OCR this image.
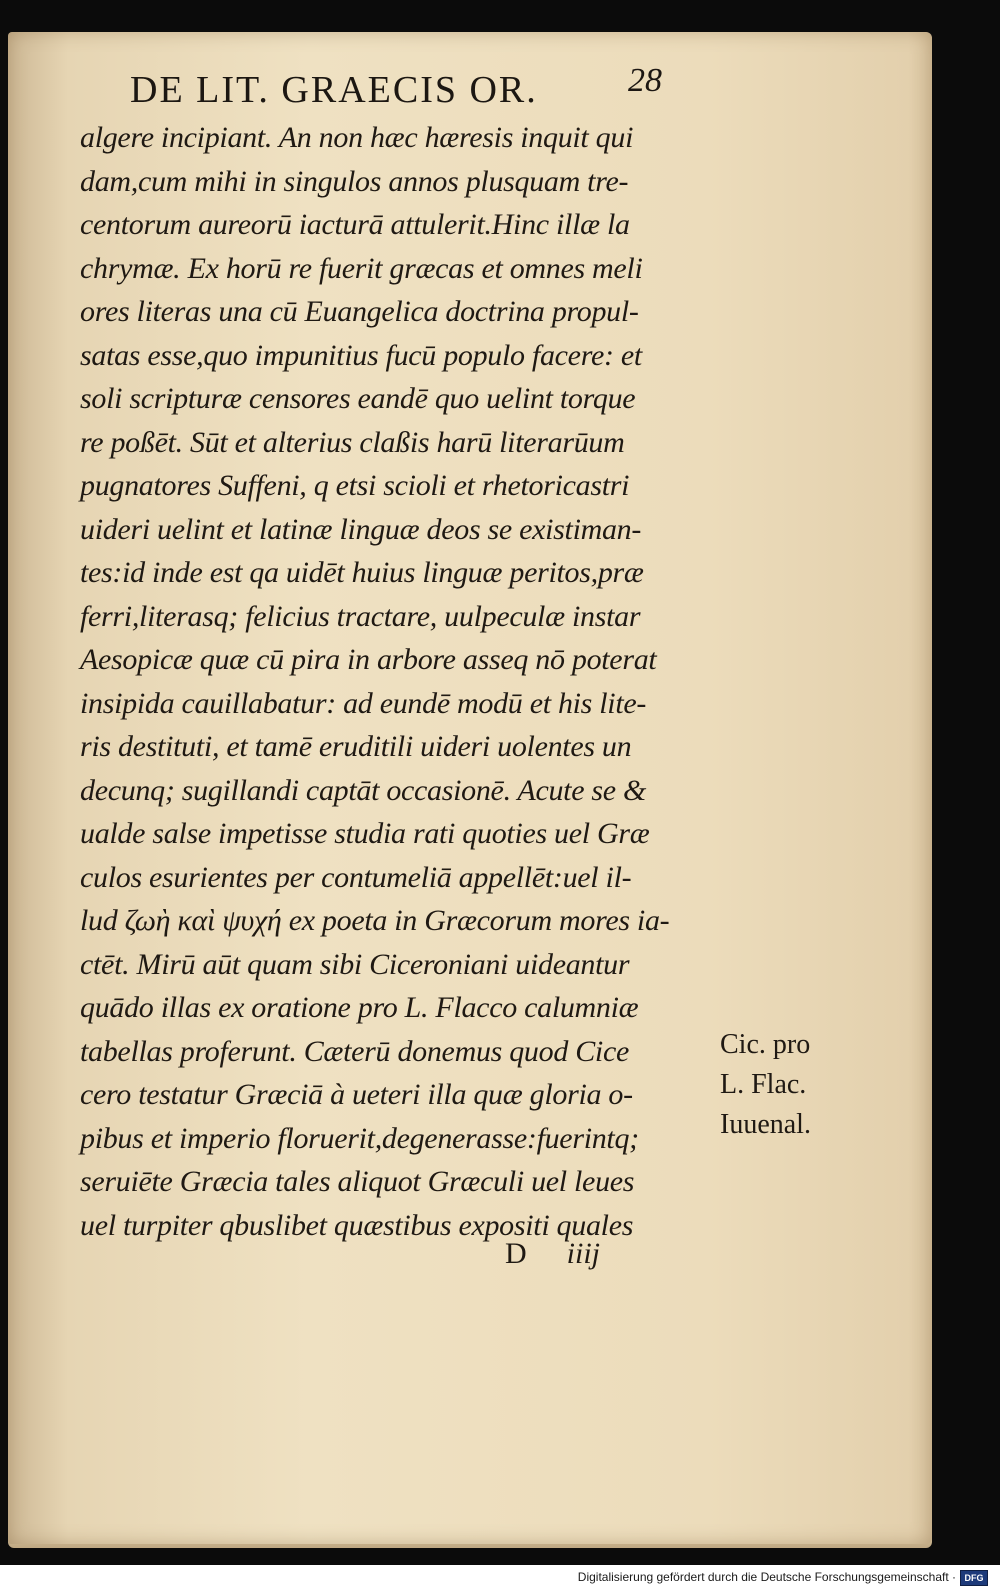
DE LIT. GRAECIS OR.	28
algere incipiant. An non hæc hæresis inquit qui
dam,cum mihi in singulos annos plusquam tre-
centorum aureorū iacturā attulerit.Hinc illæ la
chrymæ. Ex horū re fuerit græcas et omnes meli
ores literas una cū Euangelica doctrina propul-
satas esse,quo impunitius fucū populo facere: et
soli scripturæ censores eandē quo uelint torque
re poßēt. Sūt et alterius claßis harū literarūum
pugnatores Suffeni, q etsi scioli et rhetoricastri
uideri uelint et latinæ linguæ deos se existiman-
tes:id inde est qa uidēt huius linguæ peritos,præ
ferri,literasq; felicius tractare, uulpeculæ instar
Aesopicæ quæ cū pira in arbore asseq nō poterat
insipida cauillabatur: ad eundē modū et his lite-
ris destituti, et tamē eruditili uideri uolentes un
decunq; sugillandi captāt occasionē. Acute se &
ualde salse impetisse studia rati quoties uel Græ
culos esurientes per contumeliā appellēt:uel il-
lud ζωὴ καὶ ψυχή ex poeta in Græcorum mores ia-
ctēt. Mirū aūt quam sibi Ciceroniani uideantur
quādo illas ex oratione pro L. Flacco calumniæ
tabellas proferunt. Cæterū donemus quod Cice
cero testatur Græciā à ueteri illa quæ gloria o-
pibus et imperio floruerit,degenerasse:fuerintq;
seruiēte Græcia tales aliquot Græculi uel leues
uel turpiter qbuslibet quæstibus expositi quales
Cic. pro
L. Flac.
Iuuenal.
D iiij
Digitalisierung gefördert durch die Deutsche Forschungsgemeinschaft · DFG
